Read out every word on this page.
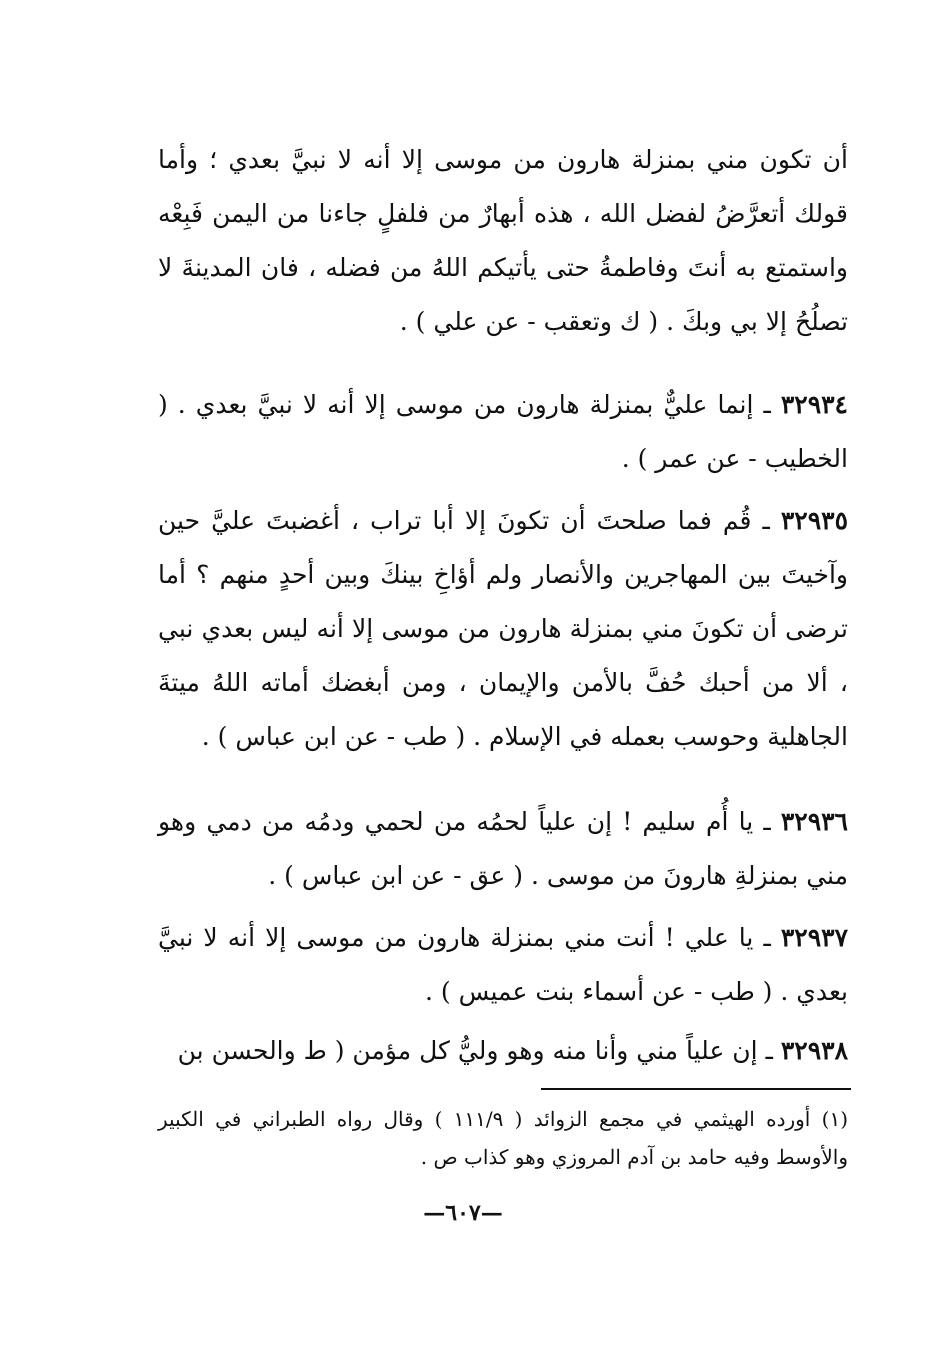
أن تكون مني بمنزلة هارون من موسى إلا أنه لا نبيَّ بعدي ؛ وأما قولك أتعرَّضُ لفضل الله ، هذه أبهارٌ من فلفلٍ جاءنا من اليمن فَبِعْه واستمتع به أنتَ وفاطمةُ حتى يأتيكم اللهُ من فضله ، فان المدينةَ لا تصلُحُ إلا بي وبكَ . ( ك وتعقب - عن علي ) .

٣٢٩٣٤ ـ إنما عليٌّ بمنزلة هارون من موسى إلا أنه لا نبيَّ بعدي . ( الخطيب - عن عمر ) .

٣٢٩٣٥ ـ قُم فما صلحتَ أن تكونَ إلا أبا تراب ، أغضبتَ عليَّ حين وآخيتَ بين المهاجرين والأنصار ولم أؤاخِ بينكَ وبين أحدٍ منهم ؟ أما ترضى أن تكونَ مني بمنزلة هارون من موسى إلا أنه ليس بعدي نبي ، ألا من أحبك حُفَّ بالأمن والإيمان ، ومن أبغضك أماته اللهُ ميتةَ الجاهلية وحوسب بعمله في الإسلام . ( طب - عن ابن عباس ) .

٣٢٩٣٦ ـ يا أُم سليم ! إن علياً لحمُه من لحمي ودمُه من دمي وهو مني بمنزلةِ هارونَ من موسى . ( عق - عن ابن عباس ) .

٣٢٩٣٧ ـ يا علي ! أنت مني بمنزلة هارون من موسى إلا أنه لا نبيَّ بعدي . ( طب - عن أسماء بنت عميس ) .

٣٢٩٣٨ ـ إن علياً مني وأنا منه وهو وليُّ كل مؤمن ( ط والحسن بن

(١) أورده الهيثمي في مجمع الزوائد ( ١١١/٩ ) وقال رواه الطبراني في الكبير والأوسط وفيه حامد بن آدم المروزي وهو كذاب ص .

—٦٠٧—
